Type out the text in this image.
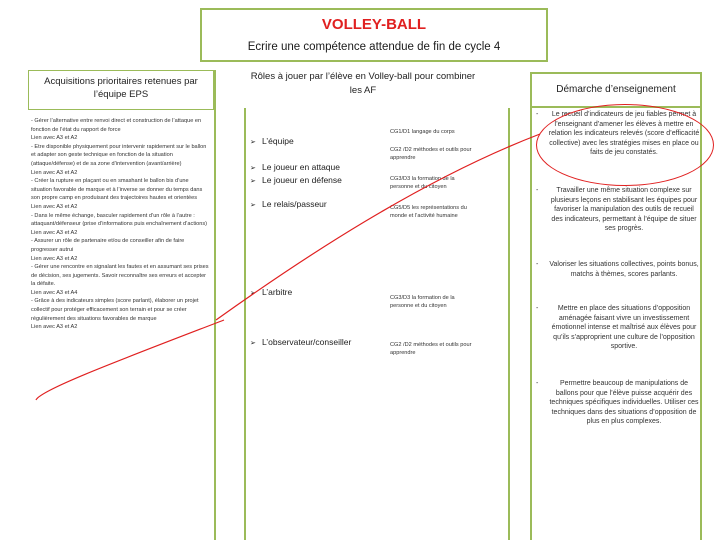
VOLLEY-BALL
Ecrire une compétence attendue de fin de cycle 4
Acquisitions prioritaires retenues par l’équipe EPS
- Gérer l’alternative entre renvoi direct et construction de l’attaque en fonction de l’état du rapport de force
Lien avec A3 et A2
- Etre disponible physiquement pour intervenir rapidement sur le ballon et adapter son geste technique en fonction de la situation (attaque/défense) et de sa zone d’intervention (avant/arrière)
Lien avec A3 et A2
- Créer la rupture en plaçant ou en smashant le ballon bis d’une situation favorable de marque et à l’inverse se donner du temps dans son propre camp en produisant des trajectoires hautes et orientées
Lien avec A3 et A2
- Dans le même échange, basculer rapidement d’un rôle à l’autre : attaquant/défenseur (prise d’informations puis enchaînement d’actions)
Lien avec A3 et A2
- Assurer un rôle de partenaire et/ou de conseiller afin de faire progresser autrui
Lien avec A3 et A2
- Gérer une rencontre en signalant les fautes et en assumant ses prises de décision, ses jugements. Savoir reconnaître ses erreurs et accepter la défaite.
Lien avec A3 et A4
- Grâce à des indicateurs simples (score parlant), élaborer un projet collectif pour protéger efficacement son terrain et pour se créer régulièrement des situations favorables de marque
Lien avec A3 et A2
Rôles à jouer par l’élève en Volley-ball pour combiner les AF
➢ L’équipe
➢ Le joueur en attaque
➢ Le joueur en défense
➢ Le relais/passeur
➢ L’arbitre
➢ L’observateur/conseiller
CG1/D1 langage du corps
CG2 /D2 méthodes et outils pour apprendre
CG3/D3 la formation de la personne et du citoyen
CG5/D5 les représentations du monde et l’activité humaine
CG3/D3 la formation de la personne et du citoyen
CG2 /D2 méthodes et outils pour apprendre
Démarche d’enseignement
-	Le recueil d’indicateurs de jeu fiables permet à l’enseignant d’amener les élèves à mettre en relation les indicateurs relevés (score d’efficacité collective) avec les stratégies mises en place ou faits de jeu constatés.
-	Travailler une même situation complexe sur plusieurs leçons en stabilisant les équipes pour favoriser la manipulation des outils de recueil des indicateurs, permettant à l’équipe de situer ses progrès.
- Valoriser les situations collectives, points bonus, matchs à thèmes, scores parlants.
-	Mettre en place des situations d’opposition aménagée faisant vivre un investissement émotionnel intense et maîtrisé aux élèves pour qu’ils s’approprient une culture de l’opposition sportive.
-	Permettre beaucoup de manipulations de ballons pour que l’élève puisse acquérir des techniques spécifiques individuelles. Utiliser ces techniques dans des situations d’opposition de plus en plus complexes.
